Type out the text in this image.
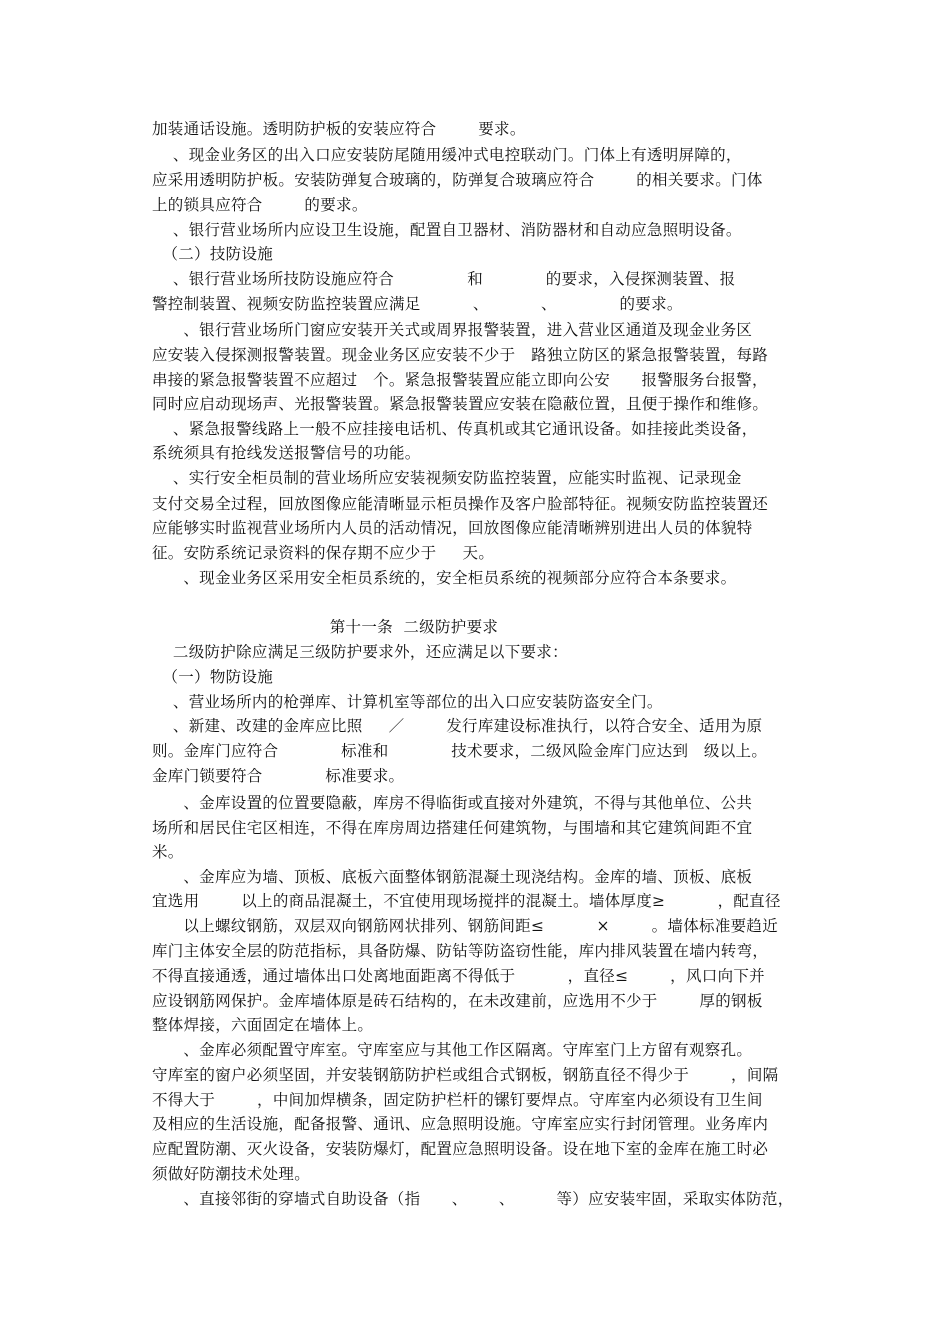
加装通话设施。透明防护板的安装应符合        要求。
、现金业务区的出入口应安装防尾随用缓冲式电控联动门。门体上有透明屏障的，
应采用透明防护板。安装防弹复合玻璃的，防弹复合玻璃应符合        的相关要求。门体
上的锁具应符合        的要求。
、银行营业场所内应设卫生设施，配置自卫器材、消防器材和自动应急照明设备。
（二）技防设施
、银行营业场所技防设施应符合              和            的要求，入侵探测装置、报
警控制装置、视频安防监控装置应满足          、          、            的要求。
、银行营业场所门窗应安装开关式或周界报警装置，进入营业区通道及现金业务区
应安装入侵探测报警装置。现金业务区应安装不少于   路独立防区的紧急报警装置，每路
串接的紧急报警装置不应超过   个。紧急报警装置应能立即向公安      报警服务台报警，
同时应启动现场声、光报警装置。紧急报警装置应安装在隐蔽位置，且便于操作和维修。
、紧急报警线路上一般不应挂接电话机、传真机或其它通讯设备。如挂接此类设备，
系统须具有抢线发送报警信号的功能。
、实行安全柜员制的营业场所应安装视频安防监控装置，应能实时监视、记录现金
支付交易全过程，回放图像应能清晰显示柜员操作及客户脸部特征。视频安防监控装置还
应能够实时监视营业场所内人员的活动情况，回放图像应能清晰辨别进出人员的体貌特
征。安防系统记录资料的保存期不应少于     天。
、现金业务区采用安全柜员系统的，安全柜员系统的视频部分应符合本条要求。
第十一条  二级防护要求
二级防护除应满足三级防护要求外，还应满足以下要求：
（一）物防设施
、营业场所内的枪弹库、计算机室等部位的出入口应安装防盗安全门。
、新建、改建的金库应比照     ／        发行库建设标准执行，以符合安全、适用为原
则。金库门应符合            标准和            技术要求，二级风险金库门应达到   级以上。
金库门锁要符合            标准要求。
、金库设置的位置要隐蔽，库房不得临街或直接对外建筑，不得与其他单位、公共
场所和居民住宅区相连，不得在库房周边搭建任何建筑物，与围墙和其它建筑间距不宜
米。
、金库应为墙、顶板、底板六面整体钢筋混凝土现浇结构。金库的墙、顶板、底板
宜选用        以上的商品混凝土，不宜使用现场搅拌的混凝土。墙体厚度≥          ，配直径
以上螺纹钢筋，双层双向钢筋网状排列、钢筋间距≤          ×        。墙体标准要趋近
库门主体安全层的防范指标，具备防爆、防钻等防盗窃性能，库内排风装置在墙内转弯，
不得直接通透，通过墙体出口处离地面距离不得低于          ，直径≤        ，风口向下并
应设钢筋网保护。金库墙体原是砖石结构的，在未改建前，应选用不少于        厚的钢板
整体焊接，六面固定在墙体上。
、金库必须配置守库室。守库室应与其他工作区隔离。守库室门上方留有观察孔。
守库室的窗户必须坚固，并安装钢筋防护栏或组合式钢板，钢筋直径不得少于        ，间隔
不得大于        ，中间加焊横条，固定防护栏杆的镙钉要焊点。守库室内必须设有卫生间
及相应的生活设施，配备报警、通讯、应急照明设施。守库室应实行封闭管理。业务库内
应配置防潮、灭火设备，安装防爆灯，配置应急照明设备。设在地下室的金库在施工时必
须做好防潮技术处理。
、直接邻街的穿墙式自助设备（指      、      、        等）应安装牢固，采取实体防范，
